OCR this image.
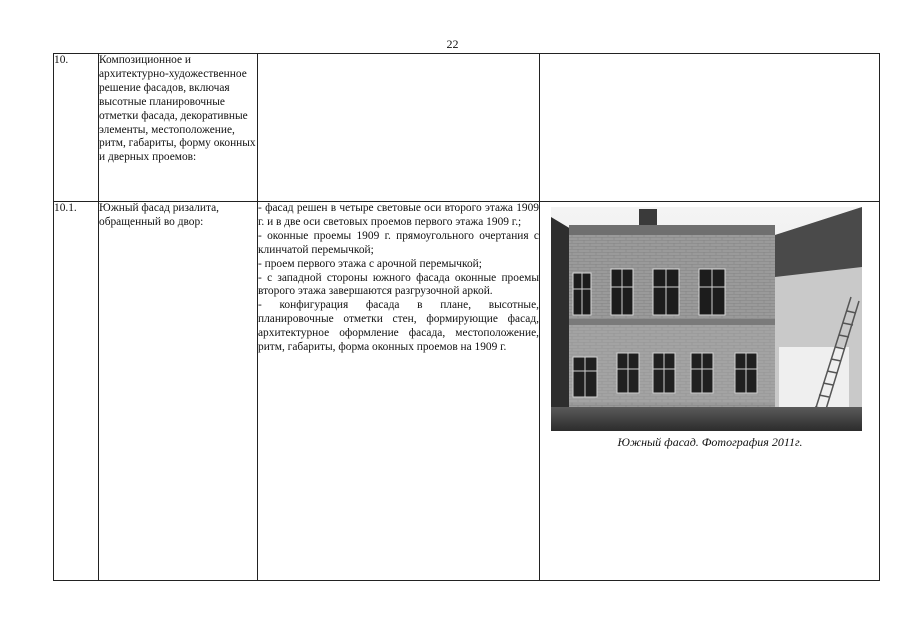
22
10.	Композиционное и архитектурно-художественное решение фасадов, включая высотные планировочные отметки фасада, декоративные элементы, местоположение, ритм, габариты, форму оконных и дверных проемов:		
10.1.	Южный фасад ризалита, обращенный во двор:	- фасад решен в четыре световые оси второго этажа 1909 г. и в две оси световых проемов первого этажа 1909 г.;

- оконные проемы 1909 г. прямоугольного очертания с клинчатой перемычкой;

- проем первого этажа с арочной перемычкой;

- с западной стороны южного фасада оконные проемы второго этажа завершаются разгрузочной аркой.

- конфигурация фасада в плане, высотные, планировочные отметки стен, формирующие фасад, архитектурное оформление фасада, местоположение, ритм, габариты, форма оконных проемов на 1909 г.	Южный фасад. Фотография 2011г.
